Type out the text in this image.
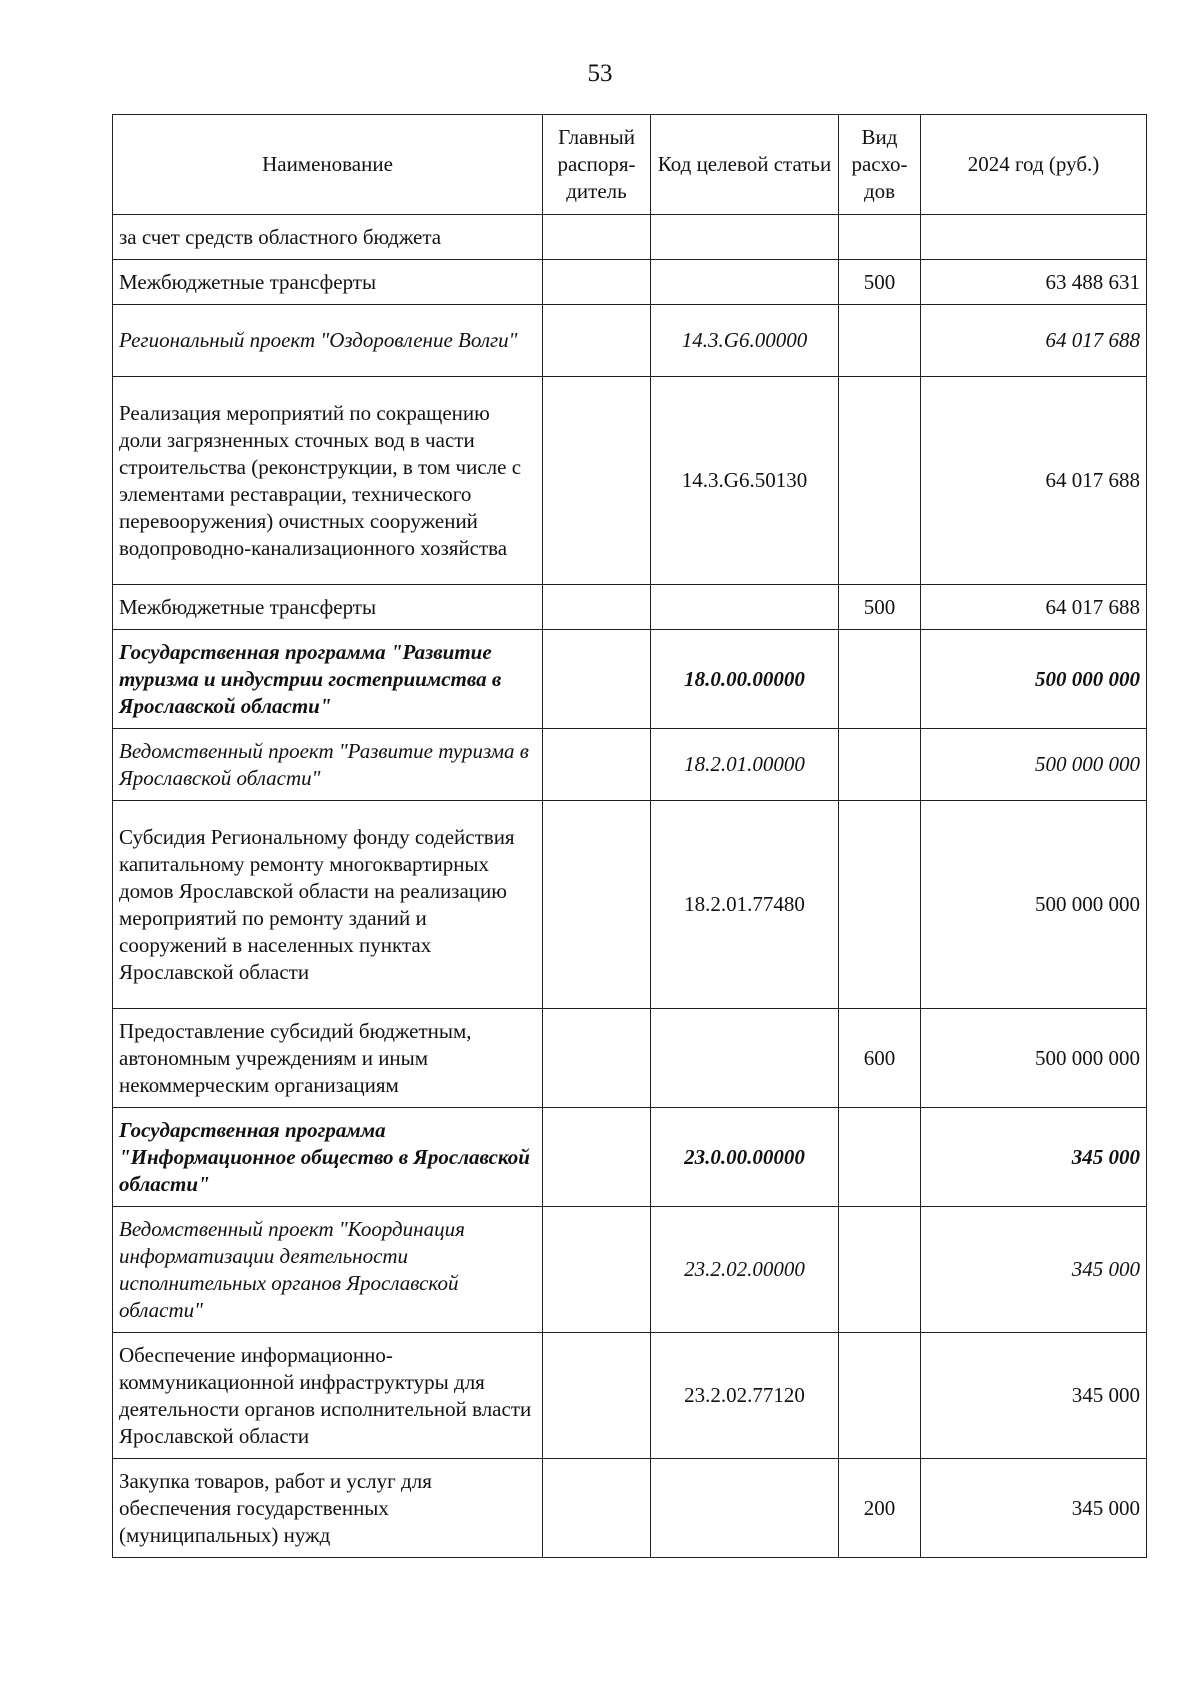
53
Наименование	Главный распоря-дитель	Код целевой статьи	Вид расхо-дов	2024 год (руб.)
за счет средств областного бюджета				
Межбюджетные трансферты			500	63 488 631
Региональный проект "Оздоровление Волги"		14.3.G6.00000		64 017 688
Реализация мероприятий по сокращению доли загрязненных сточных вод в части строительства (реконструкции, в том числе с элементами реставрации, технического перевооружения) очистных сооружений водопроводно-канализационного хозяйства		14.3.G6.50130		64 017 688
Межбюджетные трансферты			500	64 017 688
Государственная программа "Развитие туризма и индустрии гостеприимства в Ярославской области"		18.0.00.00000		500 000 000
Ведомственный проект "Развитие туризма в Ярославской области"		18.2.01.00000		500 000 000
Субсидия Региональному фонду содействия капитальному ремонту многоквартирных домов Ярославской области на реализацию мероприятий по ремонту зданий и сооружений в населенных пунктах Ярославской области		18.2.01.77480		500 000 000
Предоставление субсидий бюджетным, автономным учреждениям и иным некоммерческим организациям			600	500 000 000
Государственная программа "Информационное общество в Ярославской области"		23.0.00.00000		345 000
Ведомственный проект "Координация информатизации деятельности исполнительных органов Ярославской области"		23.2.02.00000		345 000
Обеспечение информационно-коммуникационной инфраструктуры для деятельности органов исполнительной власти Ярославской области		23.2.02.77120		345 000
Закупка товаров, работ и услуг для обеспечения государственных (муниципальных) нужд			200	345 000
